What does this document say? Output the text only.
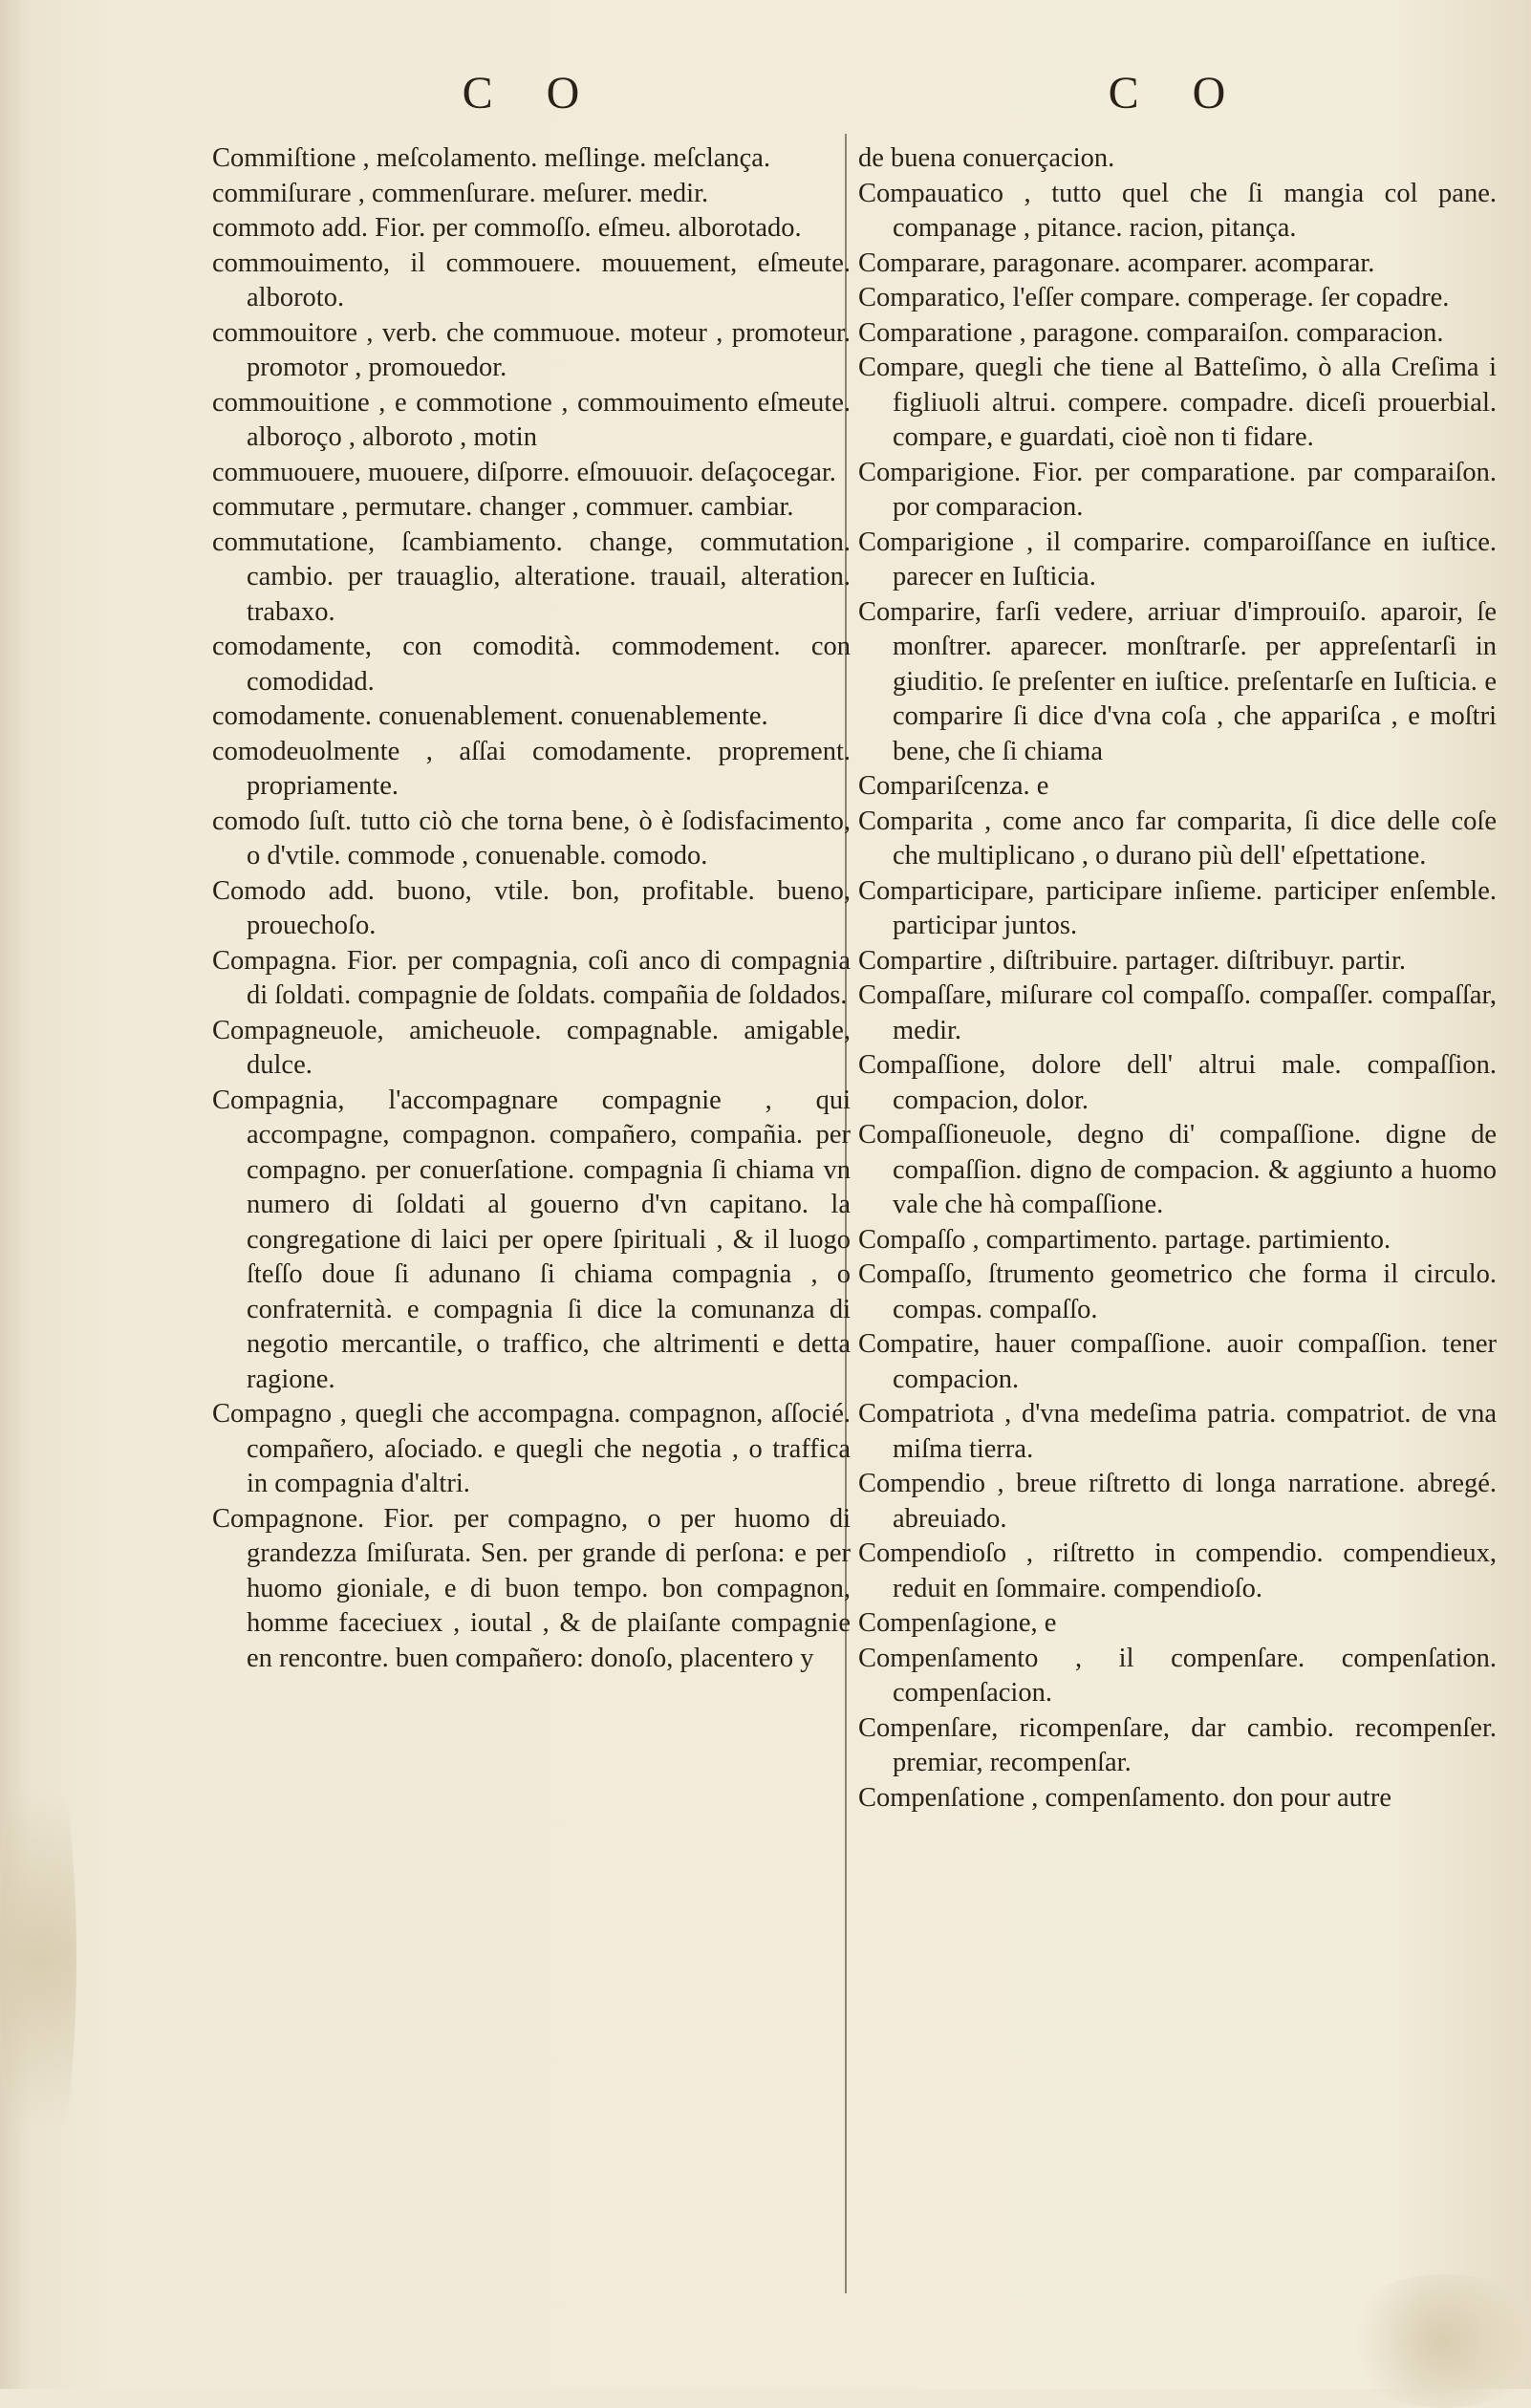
C O

Commiſtione , meſcolamento. meſlinge. meſclança.

commiſurare , commenſurare. meſurer. medir.

commoto add. Fior. per commoſſo. eſmeu. alborotado.

commouimento, il commouere. mouuement, eſmeute. alboroto.

commouitore , verb. che commuoue. moteur , promoteur. promotor , promouedor.

commouitione , e commotione , commouimento eſmeute. alboroço , alboroto , motin

commuouere, muouere, diſporre. eſmouuoir. deſaçocegar.

commutare , permutare. changer , commuer. cambiar.

commutatione, ſcambiamento. change, commutation. cambio. per trauaglio, alteratione. trauail, alteration. trabaxo.

comodamente, con comodità. commodement. con comodidad.

comodamente. conuenablement. conuenablemente.

comodeuolmente , aſſai comodamente. proprement. propriamente.

comodo ſuſt. tutto ciò che torna bene, ò è ſodisfacimento, o d'vtile. commode , conuenable. comodo.

Comodo add. buono, vtile. bon, profitable. bueno, prouechoſo.

Compagna. Fior. per compagnia, coſi anco di compagnia di ſoldati. compagnie de ſoldats. compañia de ſoldados.

Compagneuole, amicheuole. compagnable. amigable, dulce.

Compagnia, l'accompagnare compagnie , qui accompagne, compagnon. compañero, compañia. per compagno. per conuerſatione. compagnia ſi chiama vn numero di ſoldati al gouerno d'vn capitano. la congregatione di laici per opere ſpirituali , & il luogo ſteſſo doue ſi adunano ſi chiama compagnia , o confraternità. e compagnia ſi dice la comunanza di negotio mercantile, o traffico, che altrimenti e detta ragione.

Compagno , quegli che accompagna. compagnon, aſſocié. compañero, aſociado. e quegli che negotia , o traffica in compagnia d'altri.

Compagnone. Fior. per compagno, o per huomo di grandezza ſmiſurata. Sen. per grande di perſona: e per huomo gioniale, e di buon tempo. bon compagnon, homme faceciuex , ioutal , & de plaiſante compagnie en rencontre. buen compañero: donoſo, placentero y

C O

de buena conuerçacion.

Compauatico , tutto quel che ſi mangia col pane. companage , pitance. racion, pitança.

Comparare, paragonare. acomparer. acomparar.

Comparatico, l'eſſer compare. comperage. ſer copadre.

Comparatione , paragone. comparaiſon. comparacion.

Compare, quegli che tiene al Batteſimo, ò alla Creſima i figliuoli altrui. compere. compadre. diceſi prouerbial. compare, e guardati, cioè non ti fidare.

Comparigione. Fior. per comparatione. par comparaiſon. por comparacion.

Comparigione , il comparire. comparoiſſance en iuſtice. parecer en Iuſticia.

Comparire, farſi vedere, arriuar d'improuiſo. aparoir, ſe monſtrer. aparecer. monſtrarſe. per appreſentarſi in giuditio. ſe preſenter en iuſtice. preſentarſe en Iuſticia. e comparire ſi dice d'vna coſa , che appariſca , e moſtri bene, che ſi chiama

Compariſcenza. e

Comparita , come anco far comparita, ſi dice delle coſe che multiplicano , o durano più dell' eſpettatione.

Comparticipare, participare inſieme. participer enſemble. participar juntos.

Compartire , diſtribuire. partager. diſtribuyr. partir.

Compaſſare, miſurare col compaſſo. compaſſer. compaſſar, medir.

Compaſſione, dolore dell' altrui male. compaſſion. compacion, dolor.

Compaſſioneuole, degno di' compaſſione. digne de compaſſion. digno de compacion. & aggiunto a huomo vale che hà compaſſione.

Compaſſo , compartimento. partage. partimiento.

Compaſſo, ſtrumento geometrico che forma il circulo. compas. compaſſo.

Compatire, hauer compaſſione. auoir compaſſion. tener compacion.

Compatriota , d'vna medeſima patria. compatriot. de vna miſma tierra.

Compendio , breue riſtretto di longa narratione. abregé. abreuiado.

Compendioſo , riſtretto in compendio. compendieux, reduit en ſommaire. compendioſo.

Compenſagione, e

Compenſamento , il compenſare. compenſation. compenſacion.

Compenſare, ricompenſare, dar cambio. recompenſer. premiar, recompenſar.

Compenſatione , compenſamento. don pour autre
